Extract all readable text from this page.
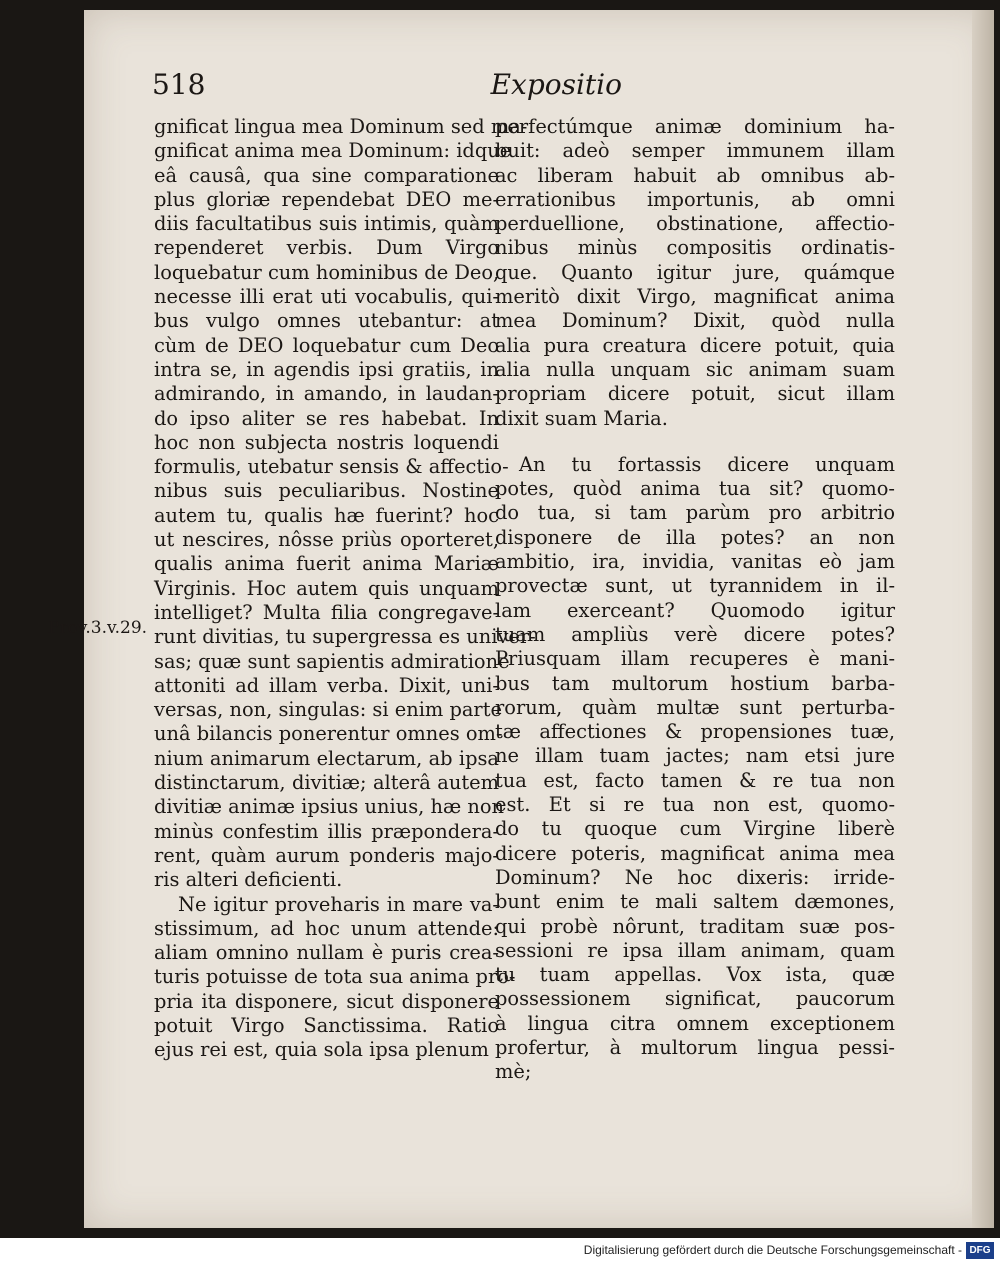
518	Expositio
Prov.3.v.29.
gnificat lingua mea Dominum sed ma-
gnificat anima mea Dominum: idque
eâ causâ, qua sine comparatione
plus gloriæ rependebat DEO me-
diis facultatibus suis intimis, quàm
rependeret verbis. Dum Virgo
loquebatur cum hominibus de Deo,
necesse illi erat uti vocabulis, qui-
bus vulgo omnes utebantur: at
cùm de DEO loquebatur cum Deo
intra se, in agendis ipsi gratiis, in
admirando, in amando, in laudan-
do ipso aliter se res habebat. In
hoc non subjecta nostris loquendi
formulis, utebatur sensis & affectio-
nibus suis peculiaribus. Nostine
autem tu, qualis hæ fuerint? hoc
ut nescires, nôsse priùs oporteret,
qualis anima fuerit anima Mariæ
Virginis. Hoc autem quis unquam
intelliget? Multa filia congregave-
runt divitias, tu supergressa es univer-
sas; quæ sunt sapientis admiratione
attoniti ad illam verba. Dixit, uni-
versas, non, singulas: si enim parte
unâ bilancis ponerentur omnes om-
nium animarum electarum, ab ipsa
distinctarum, divitiæ; alterâ autem
divitiæ animæ ipsius unius, hæ non
minùs confestim illis præpondera-
rent, quàm aurum ponderis majo-
ris alteri deficienti.
Ne igitur proveharis in mare va-
stissimum, ad hoc unum attende:
aliam omnino nullam è puris crea-
turis potuisse de tota sua anima pro-
pria ita disponere, sicut disponere
potuit Virgo Sanctissima. Ratio
ejus rei est, quia sola ipsa plenum
perfectúmque animæ dominium ha-
buit: adeò semper immunem illam
ac liberam habuit ab omnibus ab-
errationibus importunis, ab omni
perduellione, obstinatione, affectio-
nibus minùs compositis ordinatis-
que. Quanto igitur jure, quámque
meritò dixit Virgo, magnificat anima
mea Dominum? Dixit, quòd nulla
alia pura creatura dicere potuit, quia
alia nulla unquam sic animam suam
propriam dicere potuit, sicut illam
dixit suam Maria.
An tu fortassis dicere unquam
potes, quòd anima tua sit? quomo-
do tua, si tam parùm pro arbitrio
disponere de illa potes? an non
ambitio, ira, invidia, vanitas eò jam
provectæ sunt, ut tyrannidem in il-
lam exerceant? Quomodo igitur
tuam ampliùs verè dicere potes?
Priusquam illam recuperes è mani-
bus tam multorum hostium barba-
rorum, quàm multæ sunt perturba-
tæ affectiones & propensiones tuæ,
ne illam tuam jactes; nam etsi jure
tua est, facto tamen & re tua non
est. Et si re tua non est, quomo-
do tu quoque cum Virgine liberè
dicere poteris, magnificat anima mea
Dominum? Ne hoc dixeris: irride-
bunt enim te mali saltem dæmones,
qui probè nôrunt, traditam suæ pos-
sessioni re ipsa illam animam, quam
tu tuam appellas. Vox ista, quæ
possessionem significat, paucorum
à lingua citra omnem exceptionem
profertur, à multorum lingua pessi-
mè;
Digitalisierung gefördert durch die Deutsche Forschungsgemeinschaft - DFG
